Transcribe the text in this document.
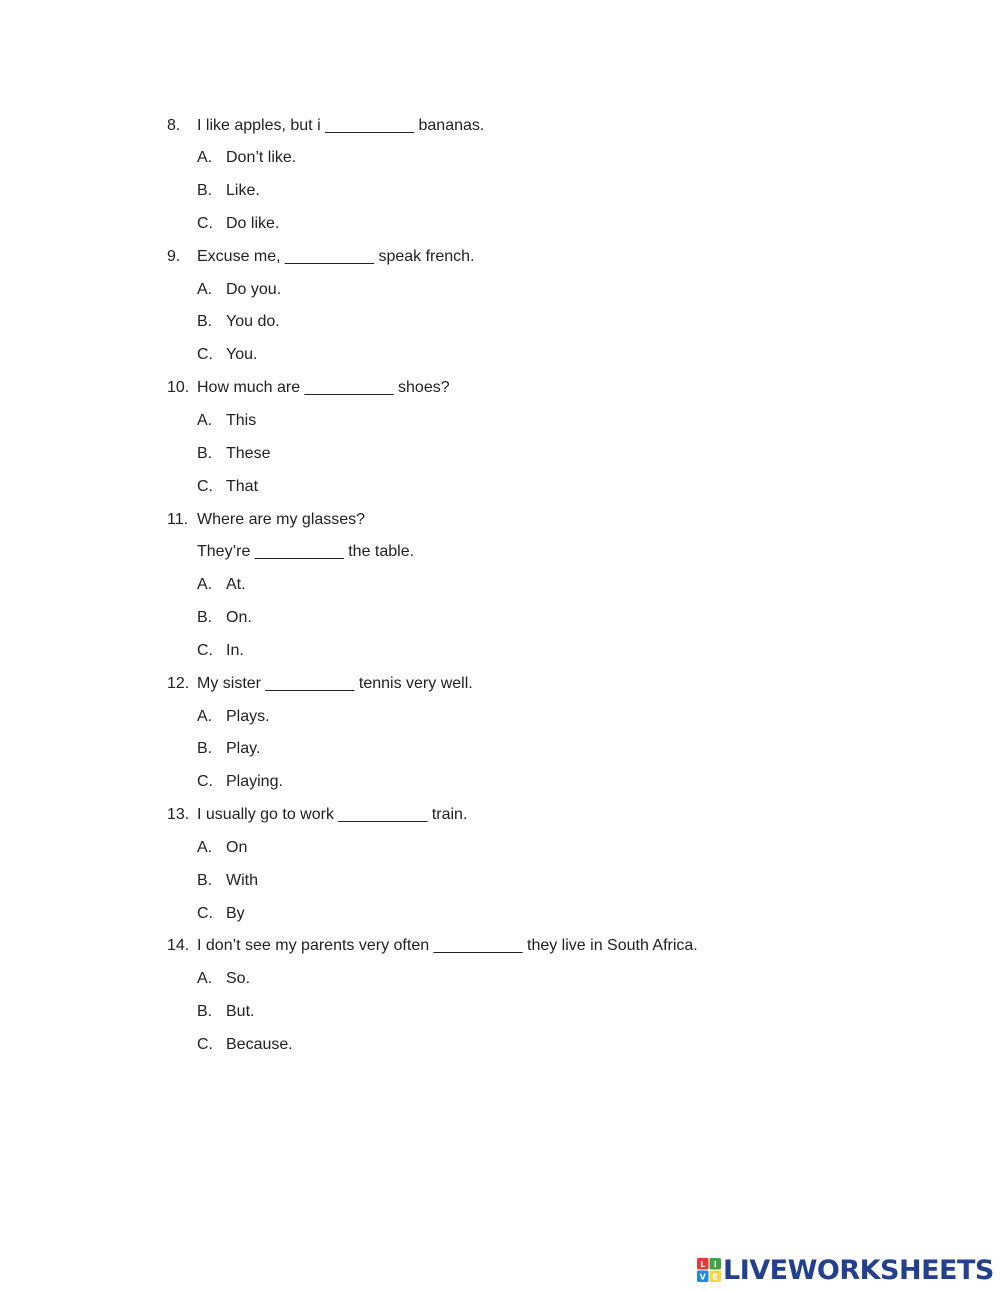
8. I like apples, but i __________ bananas.
A. Don’t like.
B. Like.
C. Do like.
9. Excuse me, __________ speak french.
A. Do you.
B. You do.
C. You.
10. How much are __________ shoes?
A. This
B. These
C. That
11. Where are my glasses?
They’re __________ the table.
A. At.
B. On.
C. In.
12. My sister __________ tennis very well.
A. Plays.
B. Play.
C. Playing.
13. I usually go to work __________ train.
A. On
B. With
C. By
14. I don’t see my parents very often __________ they live in South Africa.
A. So.
B. But.
C. Because.
L I
V E LIVEWORKSHEETS
